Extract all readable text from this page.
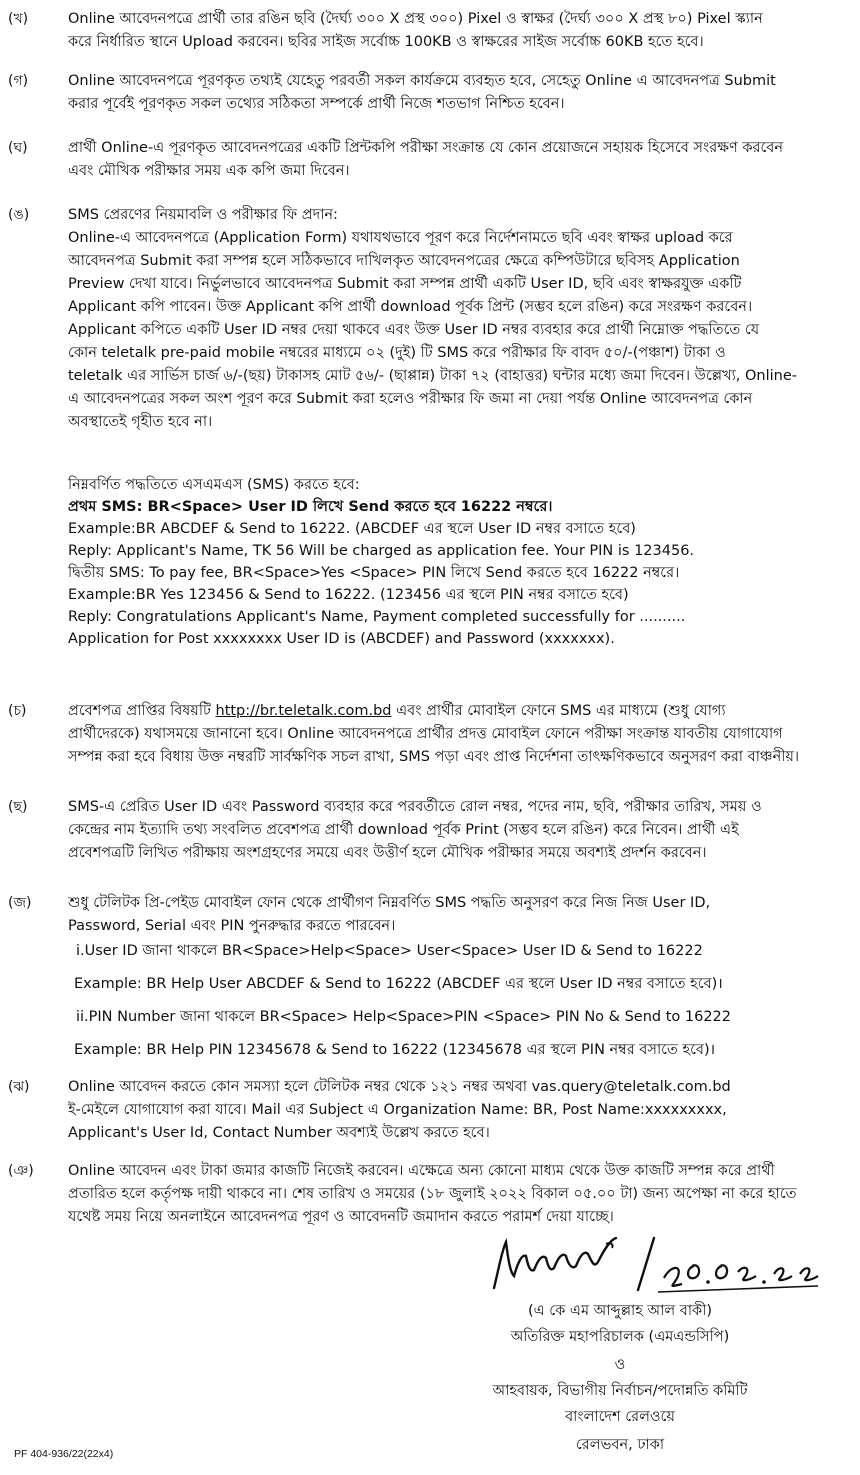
(খ)	Online আবেদনপত্রে প্রার্থী তার রঙিন ছবি (দৈর্ঘ্য ৩০০ X প্রস্থ ৩০০) Pixel ও স্বাক্ষর (দৈর্ঘ্য ৩০০ X প্রস্থ ৮০) Pixel স্ক্যান

করে নির্ধারিত স্থানে Upload করবেন। ছবির সাইজ সর্বোচ্চ 100KB ও স্বাক্ষরের সাইজ সর্বোচ্চ 60KB হতে হবে।

(গ)	Online আবেদনপত্রে পূরণকৃত তথ্যই যেহেতু পরবর্তী সকল কার্যক্রমে ব্যবহৃত হবে, সেহেতু Online এ আবেদনপত্র Submit

করার পূর্বেই পূরণকৃত সকল তথ্যের সঠিকতা সম্পর্কে প্রার্থী নিজে শতভাগ নিশ্চিত হবেন।

(ঘ)	প্রার্থী Online-এ পূরণকৃত আবেদনপত্রের একটি প্রিন্টকপি পরীক্ষা সংক্রান্ত যে কোন প্রয়োজনে সহায়ক হিসেবে সংরক্ষণ করবেন

এবং মৌখিক পরীক্ষার সময় এক কপি জমা দিবেন।

(ঙ)	SMS প্রেরণের নিয়মাবলি ও পরীক্ষার ফি প্রদান:

Online-এ আবেদনপত্রে (Application Form) যথাযথভাবে পূরণ করে নির্দেশনামতে ছবি এবং স্বাক্ষর upload করে

আবেদনপত্র Submit করা সম্পন্ন হলে সঠিকভাবে দাখিলকৃত আবেদনপত্রের ক্ষেত্রে কম্পিউটারে ছবিসহ Application

Preview দেখা যাবে। নির্ভুলভাবে আবেদনপত্র Submit করা সম্পন্ন প্রার্থী একটি User ID, ছবি এবং স্বাক্ষরযুক্ত একটি

Applicant কপি পাবেন। উক্ত Applicant কপি প্রার্থী download পূর্বক প্রিন্ট (সম্ভব হলে রঙিন) করে সংরক্ষণ করবেন।

Applicant কপিতে একটি User ID নম্বর দেয়া থাকবে এবং উক্ত User ID নম্বর ব্যবহার করে প্রার্থী নিম্নোক্ত পদ্ধতিতে যে

কোন teletalk pre-paid mobile নম্বরের মাধ্যমে ০২ (দুই) টি SMS করে পরীক্ষার ফি বাবদ ৫০/-(পঞ্চাশ) টাকা ও

teletalk এর সার্ভিস চার্জ ৬/-(ছয়) টাকাসহ মোট ৫৬/- (ছাপ্পান্ন) টাকা ৭২ (বাহাত্তর) ঘন্টার মধ্যে জমা দিবেন। উল্লেখ্য, Online-

এ আবেদনপত্রের সকল অংশ পূরণ করে Submit করা হলেও পরীক্ষার ফি জমা না দেয়া পর্যন্ত Online আবেদনপত্র কোন

অবস্থাতেই গৃহীত হবে না।

নিম্নবর্ণিত পদ্ধতিতে এসএমএস (SMS) করতে হবে:

প্রথম SMS: BR<Space> User ID লিখে Send করতে হবে 16222 নম্বরে।

Example:BR ABCDEF & Send to 16222. (ABCDEF এর স্থলে User ID নম্বর বসাতে হবে)

Reply: Applicant's Name, TK 56 Will be charged as application fee. Your PIN is 123456.

দ্বিতীয় SMS: To pay fee, BR<Space>Yes <Space> PIN লিখে Send করতে হবে 16222 নম্বরে।

Example:BR Yes 123456 & Send to 16222. (123456 এর স্থলে PIN নম্বর বসাতে হবে)

Reply: Congratulations Applicant's Name, Payment completed successfully for ..........

Application for Post xxxxxxxx User ID is (ABCDEF) and Password (xxxxxxx).

(চ)	প্রবেশপত্র প্রাপ্তির বিষয়টি http://br.teletalk.com.bd এবং প্রার্থীর মোবাইল ফোনে SMS এর মাধ্যমে (শুধু যোগ্য

প্রার্থীদেরকে) যথাসময়ে জানানো হবে। Online আবেদনপত্রে প্রার্থীর প্রদত্ত মোবাইল ফোনে পরীক্ষা সংক্রান্ত যাবতীয় যোগাযোগ

সম্পন্ন করা হবে বিধায় উক্ত নম্বরটি সার্বক্ষণিক সচল রাখা, SMS পড়া এবং প্রাপ্ত নির্দেশনা তাৎক্ষণিকভাবে অনুসরণ করা বাঞ্চনীয়।

(ছ)	SMS-এ প্রেরিত User ID এবং Password ব্যবহার করে পরবর্তীতে রোল নম্বর, পদের নাম, ছবি, পরীক্ষার তারিখ, সময় ও

কেন্দ্রের নাম ইত্যাদি তথ্য সংবলিত প্রবেশপত্র প্রার্থী download পূর্বক Print (সম্ভব হলে রঙিন) করে নিবেন। প্রার্থী এই

প্রবেশপত্রটি লিখিত পরীক্ষায় অংশগ্রহণের সময়ে এবং উত্তীর্ণ হলে মৌখিক পরীক্ষার সময়ে অবশ্যই প্রদর্শন করবেন।

(জ)	শুধু টেলিটক প্রি-পেইড মোবাইল ফোন থেকে প্রার্থীগণ নিম্নবর্ণিত SMS পদ্ধতি অনুসরণ করে নিজ নিজ User ID,

Password, Serial এবং PIN পুনরুদ্ধার করতে পারবেন।

i.User ID জানা থাকলে BR<Space>Help<Space> User<Space> User ID & Send to 16222

Example: BR Help User ABCDEF & Send to 16222 (ABCDEF এর স্থলে User ID নম্বর বসাতে হবে)।

ii.PIN Number জানা থাকলে BR<Space> Help<Space>PIN <Space> PIN No & Send to 16222

Example: BR Help PIN 12345678 & Send to 16222 (12345678 এর স্থলে PIN নম্বর বসাতে হবে)।

(ঝ)	Online আবেদন করতে কোন সমস্যা হলে টেলিটক নম্বর থেকে ১২১ নম্বর অথবা vas.query@teletalk.com.bd

ই-মেইলে যোগাযোগ করা যাবে। Mail এর Subject এ Organization Name: BR, Post Name:xxxxxxxxx,

Applicant's User Id, Contact Number অবশ্যই উল্লেখ করতে হবে।

(ঞ)	Online আবেদন এবং টাকা জমার কাজটি নিজেই করবেন। এক্ষেত্রে অন্য কোনো মাধ্যম থেকে উক্ত কাজটি সম্পন্ন করে প্রার্থী

প্রতারিত হলে কর্তৃপক্ষ দায়ী থাকবে না। শেষ তারিখ ও সময়ের (১৮ জুলাই ২০২২ বিকাল ০৫.০০ টা) জন্য অপেক্ষা না করে হাতে

যথেষ্ট সময় নিয়ে অনলাইনে আবেদনপত্র পূরণ ও আবেদনটি জমাদান করতে পরামর্শ দেয়া যাচ্ছে।

(এ কে এম আব্দুল্লাহ আল বাকী)

অতিরিক্ত মহাপরিচালক (এমএন্ডসিপি)

ও

আহবায়ক, বিভাগীয় নির্বাচন/পদোন্নতি কমিটি

বাংলাদেশ রেলওয়ে

রেলভবন, ঢাকা

PF 404-936/22(22x4)
